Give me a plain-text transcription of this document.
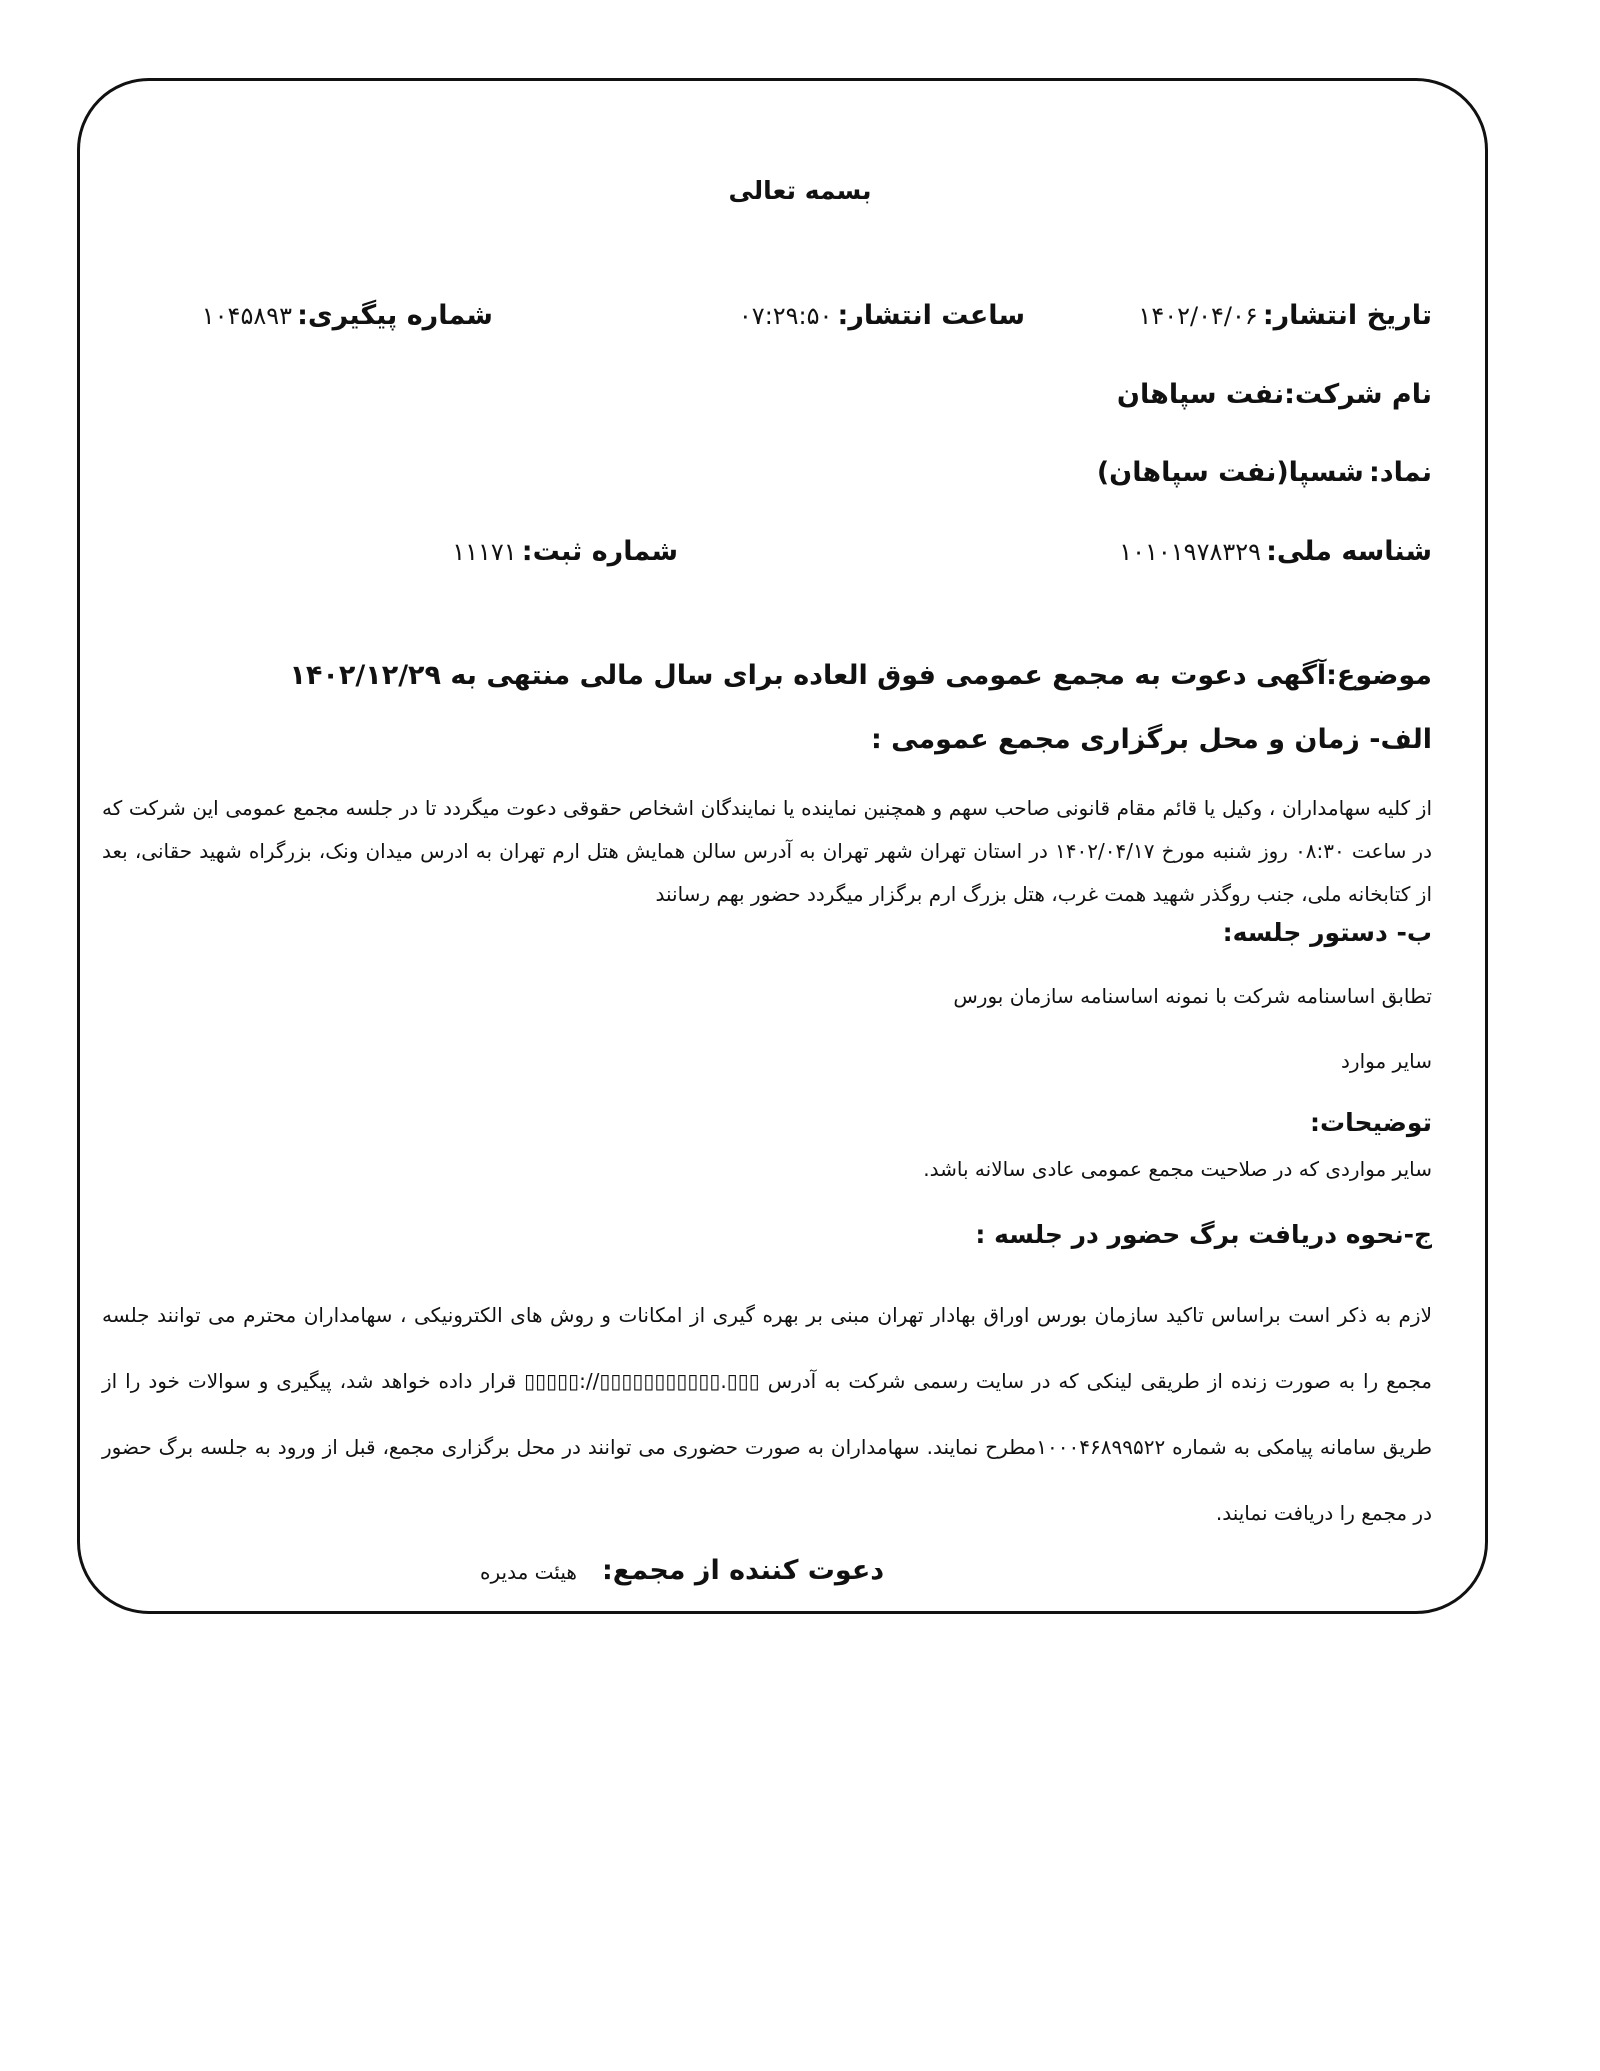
بسمه تعالی
تاریخ انتشار: ۱۴۰۲/۰۴/۰۶
ساعت انتشار: ۰۷:۲۹:۵۰
شماره پیگیری: ۱۰۴۵۸۹۳
نام شرکت:نفت سپاهان
نماد: شسپا(نفت سپاهان)
شناسه ملی: ۱۰۱۰۱۹۷۸۳۲۹
شماره ثبت: ۱۱۱۷۱
موضوع:آگهی دعوت به مجمع عمومی فوق العاده برای سال مالی منتهی به ۱۴۰۲/۱۲/۲۹
الف- زمان و محل برگزاری مجمع عمومی :
از کلیه سهامداران ، وکیل یا قائم مقام قانونی صاحب سهم و همچنین نماینده یا نمایندگان اشخاص حقوقی دعوت میگردد تا در جلسه مجمع عمومی این شرکت که در ساعت ۰۸:۳۰ روز شنبه مورخ ۱۴۰۲/۰۴/۱۷ در استان تهران شهر تهران به آدرس سالن همایش هتل ارم تهران به ادرس میدان ونک، بزرگراه شهید حقانی، بعد از کتابخانه ملی، جنب روگذر شهید همت غرب، هتل بزرگ ارم برگزار میگردد حضور بهم رسانند
ب- دستور جلسه:
تطابق اساسنامه شرکت با نمونه اساسنامه سازمان بورس
سایر موارد
توضیحات:
سایر مواردی که در صلاحیت مجمع عمومی عادی سالانه باشد.
ج-نحوه دریافت برگ حضور در جلسه :
لازم به ذکر است براساس تاکید سازمان بورس اوراق بهادار تهران مبنی بر بهره گیری از امکانات و روش های الکترونیکی ، سهامداران محترم می توانند جلسه مجمع را به صورت زنده از طریقی لینکی که در سایت رسمی شرکت به آدرس ▯▯▯.▯▯▯▯▯▯▯▯▯▯▯//:▯▯▯▯▯ قرار داده خواهد شد، پیگیری و سوالات خود را از طریق سامانه پیامکی به شماره ۱۰۰۰۴۶۸۹۹۵۲۲مطرح نمایند. سهامداران به صورت حضوری می توانند در محل برگزاری مجمع، قبل از ورود به جلسه برگ حضور در مجمع را دریافت نمایند.
دعوت کننده از مجمع:
هیئت مدیره
